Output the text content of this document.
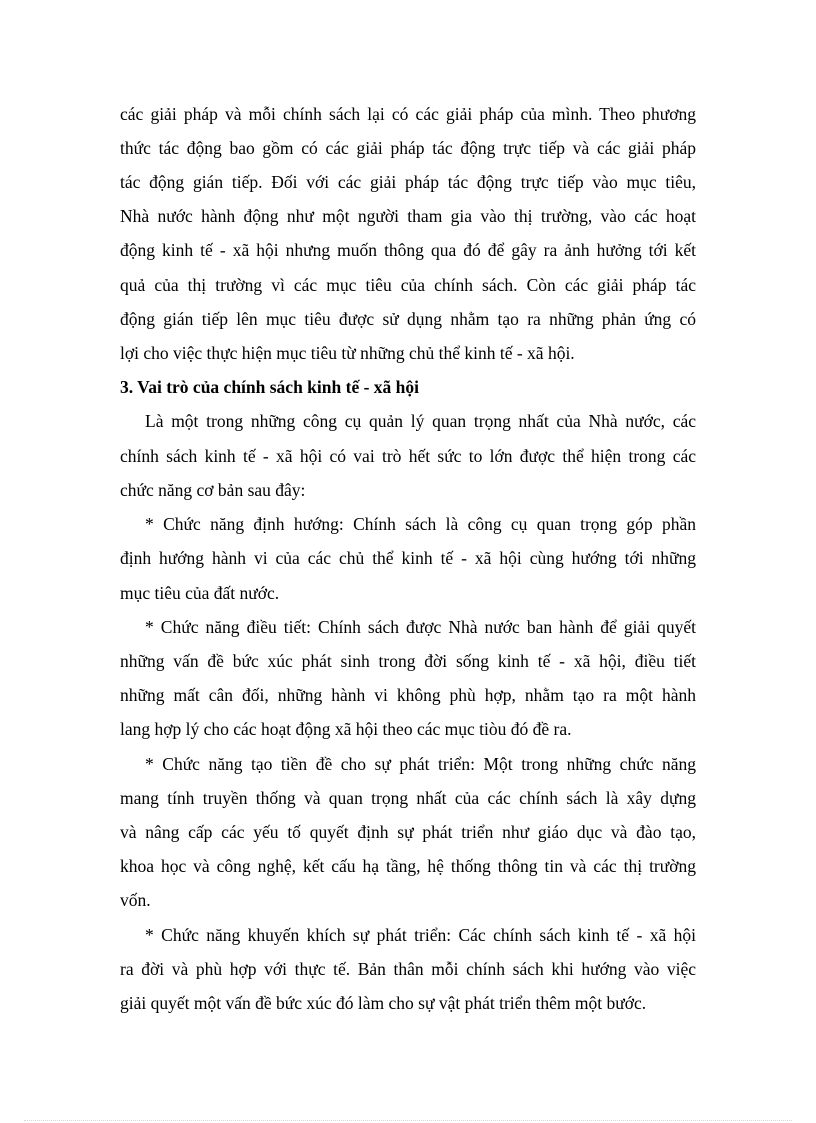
các giải pháp và mỗi chính sách lại có các giải pháp của mình. Theo phương
thức tác động bao gồm có các giải pháp tác động trực tiếp và các giải pháp
tác động gián tiếp. Đối với các giải pháp tác động trực tiếp vào mục tiêu,
Nhà nước hành động như một người tham gia vào thị trường, vào các hoạt
động kinh tế - xã hội nhưng muốn thông qua đó để gây ra ảnh hưởng tới kết
quả của thị trường vì các mục tiêu của chính sách. Còn các giải pháp tác
động gián tiếp lên mục tiêu được sử dụng nhằm tạo ra những phản ứng có
lợi cho việc thực hiện mục tiêu từ những chủ thể kinh tế - xã hội.
3. Vai trò của chính sách kinh tế - xã hội
Là một trong những công cụ quản lý quan trọng nhất của Nhà nước, các
chính sách kinh tế - xã hội có vai trò hết sức to lớn được thể hiện trong các
chức năng cơ bản sau đây:
* Chức năng định hướng: Chính sách là công cụ quan trọng góp phần
định hướng hành vi của các chủ thể kinh tế - xã hội cùng hướng tới những
mục tiêu của đất nước.
* Chức năng điều tiết: Chính sách được Nhà nước ban hành để giải quyết
những vấn đề bức xúc phát sinh trong đời sống kinh tế - xã hội, điều tiết
những mất cân đối, những hành vi không phù hợp, nhằm tạo ra một hành
lang hợp lý cho các hoạt động xã hội theo các mục tiòu đó đề ra.
* Chức năng tạo tiền đề cho sự phát triển: Một trong những chức năng
mang tính truyền thống và quan trọng nhất của các chính sách là xây dựng
và nâng cấp các yếu tố quyết định sự phát triển như giáo dục và đào tạo,
khoa học và công nghệ, kết cấu hạ tầng, hệ thống thông tin và các thị trường
vốn.
* Chức năng khuyến khích sự phát triển: Các chính sách kinh tế - xã hội
ra đời và phù hợp với thực tế. Bản thân mỗi chính sách khi hướng vào việc
giải quyết một vấn đề bức xúc đó làm cho sự vật phát triển thêm một bước.
